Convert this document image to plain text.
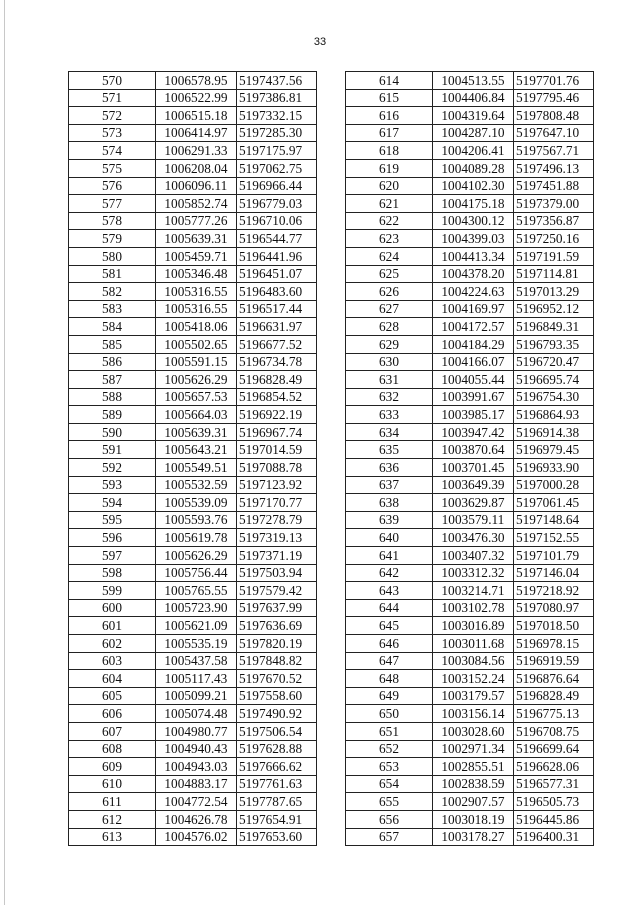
33
570	1006578.95	5197437.56
571	1006522.99	5197386.81
572	1006515.18	5197332.15
573	1006414.97	5197285.30
574	1006291.33	5197175.97
575	1006208.04	5197062.75
576	1006096.11	5196966.44
577	1005852.74	5196779.03
578	1005777.26	5196710.06
579	1005639.31	5196544.77
580	1005459.71	5196441.96
581	1005346.48	5196451.07
582	1005316.55	5196483.60
583	1005316.55	5196517.44
584	1005418.06	5196631.97
585	1005502.65	5196677.52
586	1005591.15	5196734.78
587	1005626.29	5196828.49
588	1005657.53	5196854.52
589	1005664.03	5196922.19
590	1005639.31	5196967.74
591	1005643.21	5197014.59
592	1005549.51	5197088.78
593	1005532.59	5197123.92
594	1005539.09	5197170.77
595	1005593.76	5197278.79
596	1005619.78	5197319.13
597	1005626.29	5197371.19
598	1005756.44	5197503.94
599	1005765.55	5197579.42
600	1005723.90	5197637.99
601	1005621.09	5197636.69
602	1005535.19	5197820.19
603	1005437.58	5197848.82
604	1005117.43	5197670.52
605	1005099.21	5197558.60
606	1005074.48	5197490.92
607	1004980.77	5197506.54
608	1004940.43	5197628.88
609	1004943.03	5197666.62
610	1004883.17	5197761.63
611	1004772.54	5197787.65
612	1004626.78	5197654.91
613	1004576.02	5197653.60
614	1004513.55	5197701.76
615	1004406.84	5197795.46
616	1004319.64	5197808.48
617	1004287.10	5197647.10
618	1004206.41	5197567.71
619	1004089.28	5197496.13
620	1004102.30	5197451.88
621	1004175.18	5197379.00
622	1004300.12	5197356.87
623	1004399.03	5197250.16
624	1004413.34	5197191.59
625	1004378.20	5197114.81
626	1004224.63	5197013.29
627	1004169.97	5196952.12
628	1004172.57	5196849.31
629	1004184.29	5196793.35
630	1004166.07	5196720.47
631	1004055.44	5196695.74
632	1003991.67	5196754.30
633	1003985.17	5196864.93
634	1003947.42	5196914.38
635	1003870.64	5196979.45
636	1003701.45	5196933.90
637	1003649.39	5197000.28
638	1003629.87	5197061.45
639	1003579.11	5197148.64
640	1003476.30	5197152.55
641	1003407.32	5197101.79
642	1003312.32	5197146.04
643	1003214.71	5197218.92
644	1003102.78	5197080.97
645	1003016.89	5197018.50
646	1003011.68	5196978.15
647	1003084.56	5196919.59
648	1003152.24	5196876.64
649	1003179.57	5196828.49
650	1003156.14	5196775.13
651	1003028.60	5196708.75
652	1002971.34	5196699.64
653	1002855.51	5196628.06
654	1002838.59	5196577.31
655	1002907.57	5196505.73
656	1003018.19	5196445.86
657	1003178.27	5196400.31
